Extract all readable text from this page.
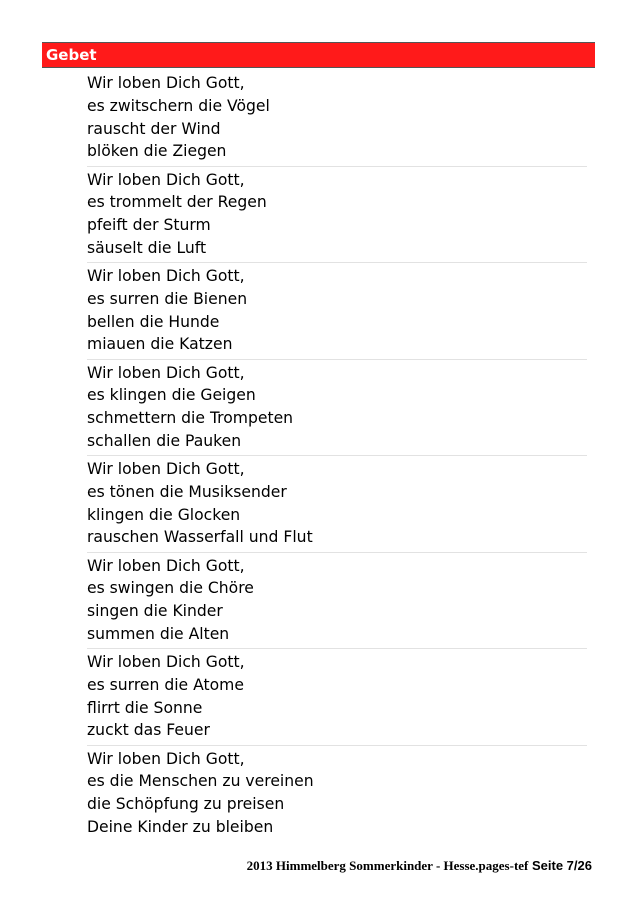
Gebet
Wir loben Dich Gott,
es zwitschern die Vögel
rauscht der Wind
blöken die Ziegen
Wir loben Dich Gott,
es trommelt der Regen
pfeift der Sturm
säuselt die Luft
Wir loben Dich Gott,
es surren die Bienen
bellen die Hunde
miauen die Katzen
Wir loben Dich Gott,
es klingen die Geigen
schmettern die Trompeten
schallen die Pauken
Wir loben Dich Gott,
es tönen die Musiksender
klingen die Glocken
rauschen Wasserfall und Flut
Wir loben Dich Gott,
es swingen die Chöre
singen die Kinder
summen die Alten
Wir loben Dich Gott,
es surren die Atome
flirrt die Sonne
zuckt das Feuer
Wir loben Dich Gott,
es die Menschen zu vereinen
die Schöpfung zu preisen
Deine Kinder zu bleiben
2013 Himmelberg Sommerkinder - Hesse.pages-tef Seite 7/26
